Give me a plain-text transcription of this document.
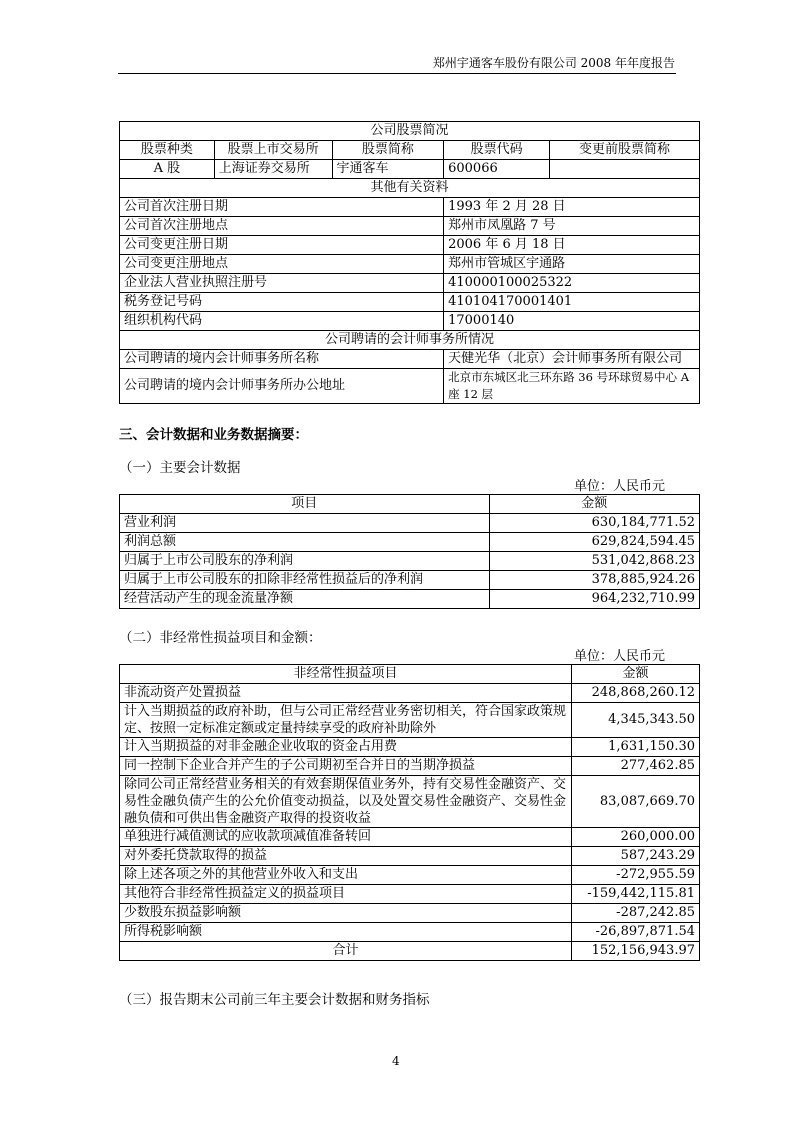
郑州宇通客车股份有限公司 2008 年年度报告
公司股票简况				
股票种类	股票上市交易所	股票简称	股票代码	变更前股票简称
A 股	上海证券交易所	宇通客车	600066	
其他有关资料				
公司首次注册日期			1993 年 2 月 28 日	
公司首次注册地点			郑州市凤凰路 7 号	
公司变更注册日期			2006 年 6 月 18 日	
公司变更注册地点			郑州市管城区宇通路	
企业法人营业执照注册号			410000100025322	
税务登记号码			410104170001401	
组织机构代码			17000140	
公司聘请的会计师事务所情况				
公司聘请的境内会计师事务所名称			天健光华（北京）会计师事务所有限公司	
公司聘请的境内会计师事务所办公地址			北京市东城区北三环东路 36 号环球贸易中心 A 座 12 层	
三、会计数据和业务数据摘要：
（一）主要会计数据
单位：人民币元
项目	金额
营业利润	630,184,771.52
利润总额	629,824,594.45
归属于上市公司股东的净利润	531,042,868.23
归属于上市公司股东的扣除非经常性损益后的净利润	378,885,924.26
经营活动产生的现金流量净额	964,232,710.99
（二）非经常性损益项目和金额：
单位：人民币元
非经常性损益项目	金额
非流动资产处置损益	248,868,260.12
计入当期损益的政府补助，但与公司正常经营业务密切相关，符合国家政策规定、按照一定标准定额或定量持续享受的政府补助除外	4,345,343.50
计入当期损益的对非金融企业收取的资金占用费	1,631,150.30
同一控制下企业合并产生的子公司期初至合并日的当期净损益	277,462.85
除同公司正常经营业务相关的有效套期保值业务外，持有交易性金融资产、交易性金融负债产生的公允价值变动损益，以及处置交易性金融资产、交易性金融负债和可供出售金融资产取得的投资收益	83,087,669.70
单独进行减值测试的应收款项减值准备转回	260,000.00
对外委托贷款取得的损益	587,243.29
除上述各项之外的其他营业外收入和支出	-272,955.59
其他符合非经常性损益定义的损益项目	-159,442,115.81
少数股东损益影响额	-287,242.85
所得税影响额	-26,897,871.54
合计	152,156,943.97
（三）报告期末公司前三年主要会计数据和财务指标
4
